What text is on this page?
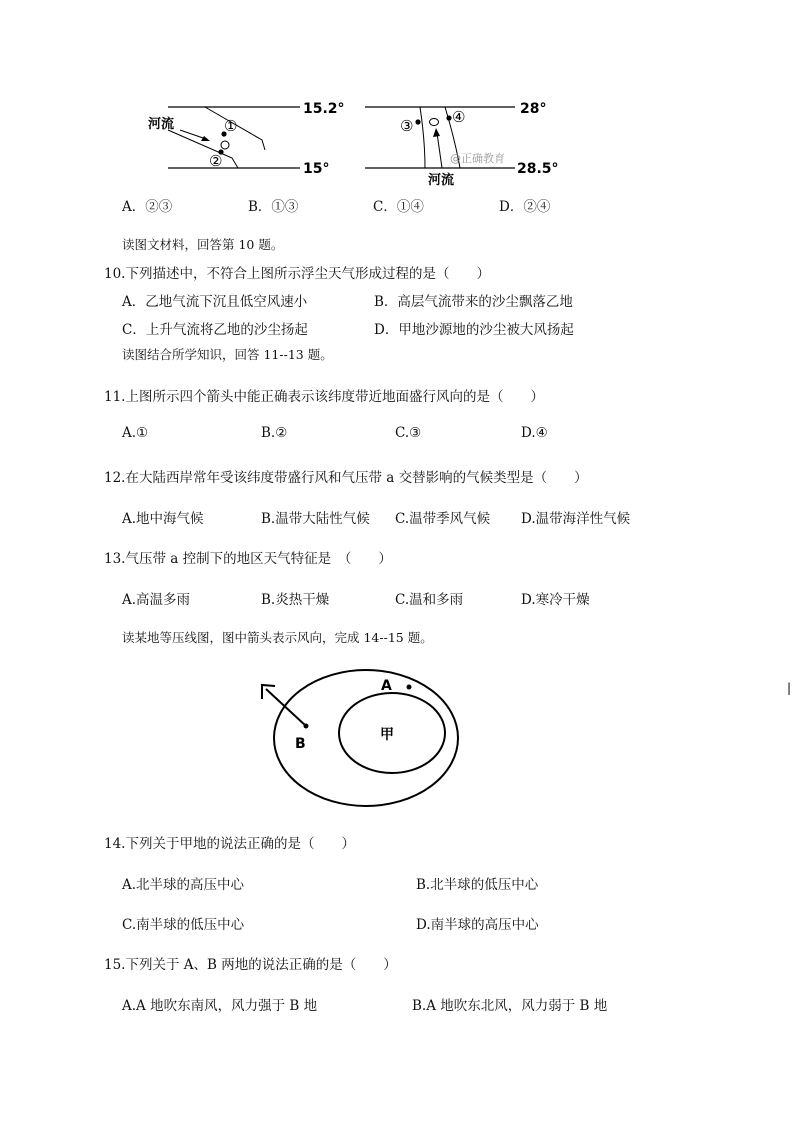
15.2°
15°
河流	①
②
③	④	28°
28.5°
河流
@正确教育
A．②③	B．①③	C．①④	D．②④
读图文材料，回答第 10 题。
10.下列描述中，不符合上图所示浮尘天气形成过程的是（　　）
A．乙地气流下沉且低空风速小	B．高层气流带来的沙尘飘落乙地
C．上升气流将乙地的沙尘扬起	D．甲地沙源地的沙尘被大风扬起
读图结合所学知识，回答 11--13 题。
11.上图所示四个箭头中能正确表示该纬度带近地面盛行风向的是（　　）
A.①	B.②	C.③	D.④
12.在大陆西岸常年受该纬度带盛行风和气压带 a 交替影响的气候类型是（　　）
A.地中海气候	B.温带大陆性气候 C.温带季风气候 D.温带海洋性气候
13.气压带 a 控制下的地区天气特征是　（　　）
A.高温多雨	B.炎热干燥	C.温和多雨	D.寒冷干燥
读某地等压线图，图中箭头表示风向，完成 14--15 题。
A
B
甲
|
14.下列关于甲地的说法正确的是（　　）
A.北半球的高压中心	B.北半球的低压中心
C.南半球的低压中心	D.南半球的高压中心
15.下列关于 A、B 两地的说法正确的是（　　）
A.A 地吹东南风，风力强于 B 地	B.A 地吹东北风，风力弱于 B 地
